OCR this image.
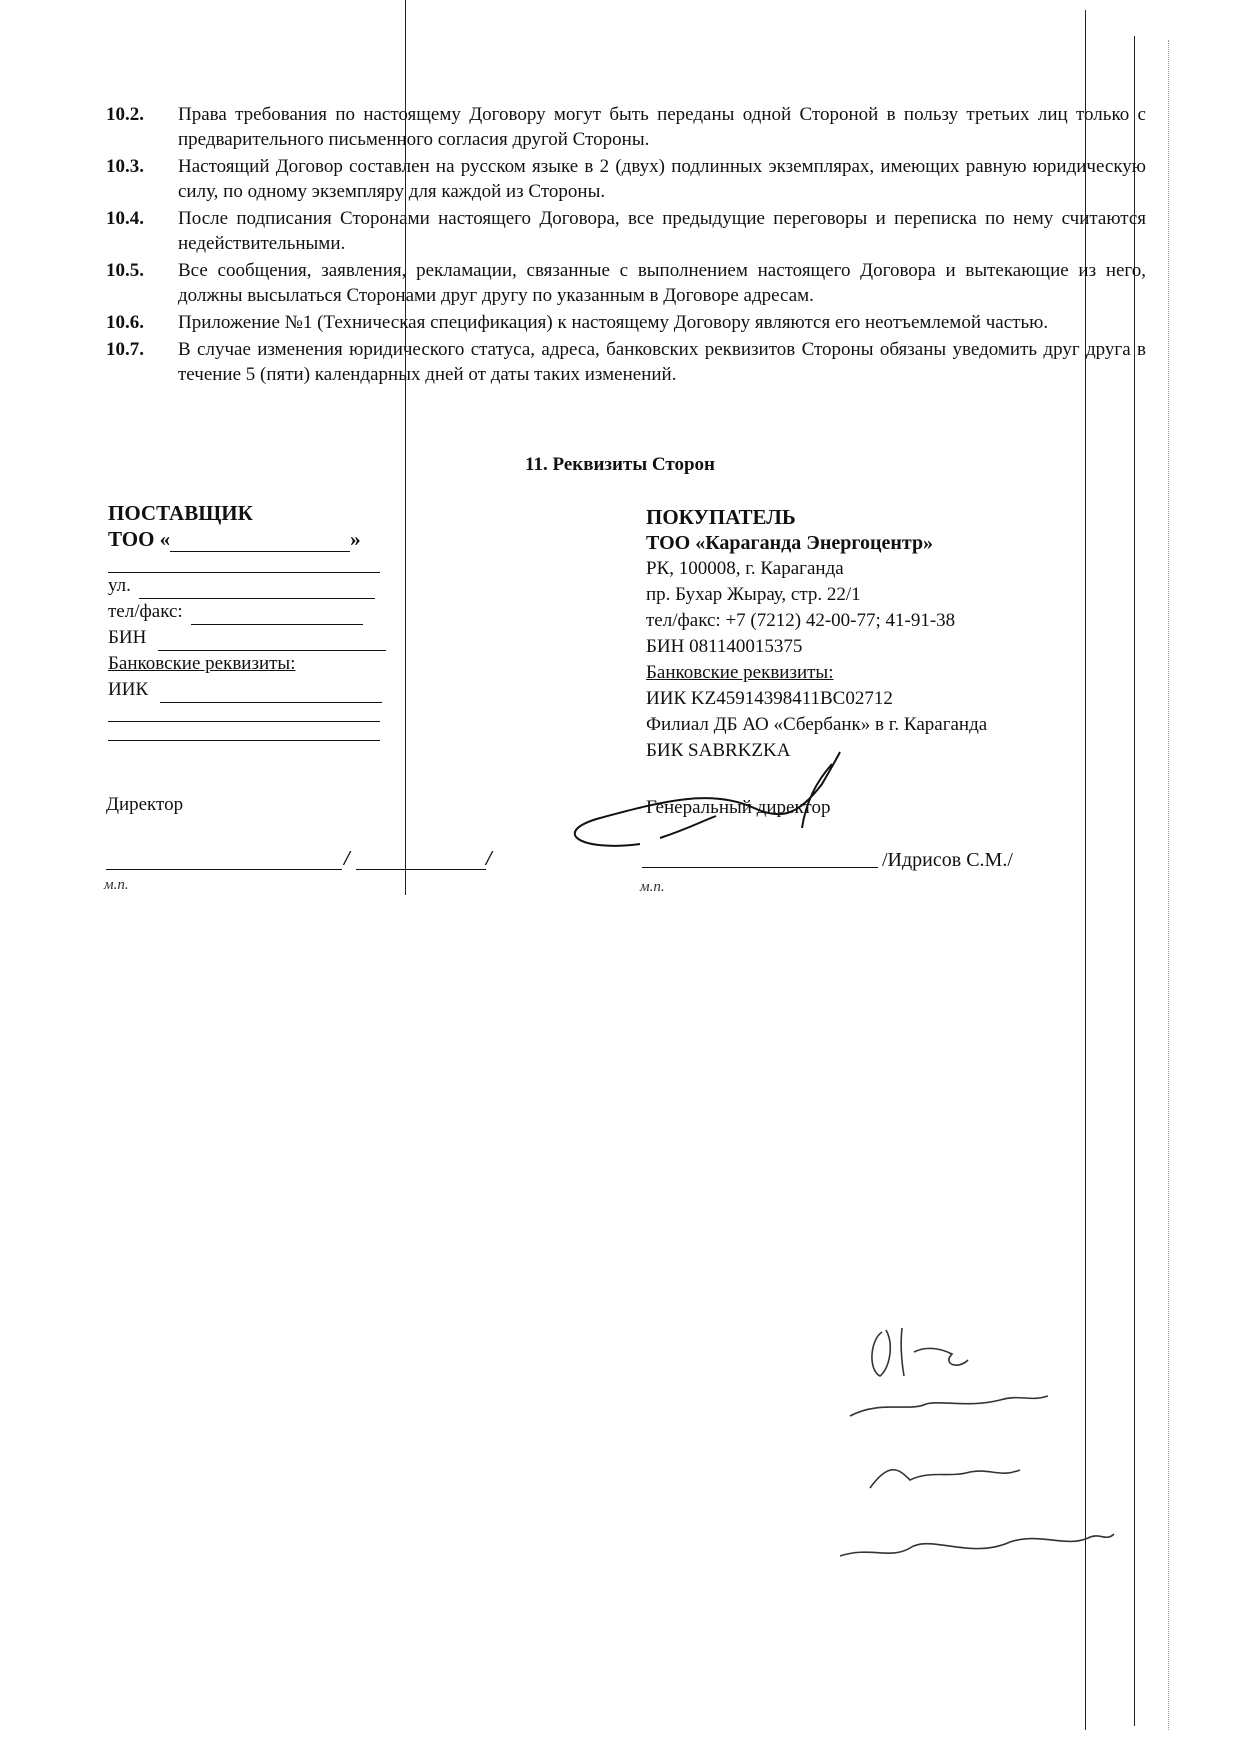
10.2. Права требования по настоящему Договору могут быть переданы одной Стороной в пользу третьих лиц только с предварительного письменного согласия другой Стороны.
10.3. Настоящий Договор составлен на русском языке в 2 (двух) подлинных экземплярах, имеющих равную юридическую силу, по одному экземпляру для каждой из Стороны.
10.4. После подписания Сторонами настоящего Договора, все предыдущие переговоры и переписка по нему считаются недействительными.
10.5. Все сообщения, заявления, рекламации, связанные с выполнением настоящего Договора и вытекающие из него, должны высылаться Сторонами друг другу по указанным в Договоре адресам.
10.6. Приложение №1 (Техническая спецификация) к настоящему Договору являются его неотъемлемой частью.
10.7. В случае изменения юридического статуса, адреса, банковских реквизитов Стороны обязаны уведомить друг друга в течение 5 (пяти) календарных дней от даты таких изменений.
11. Реквизиты Сторон
ПОСТАВЩИК
ТОО «	»
ул.
тел/факс:
БИН
Банковские реквизиты:
ИИК
Директор
/	/
м.п.
ПОКУПАТЕЛЬ
ТОО «Караганда Энергоцентр»
РК, 100008, г. Караганда
пр. Бухар Жырау, стр. 22/1
тел/факс: +7 (7212) 42-00-77; 41-91-38
БИН 081140015375
Банковские реквизиты:
ИИК KZ45914398411BC02712
Филиал ДБ АО «Сбербанк» в г. Караганда
БИК SABRKZKA
Генеральный директор
/Идрисов С.М./
м.п.
